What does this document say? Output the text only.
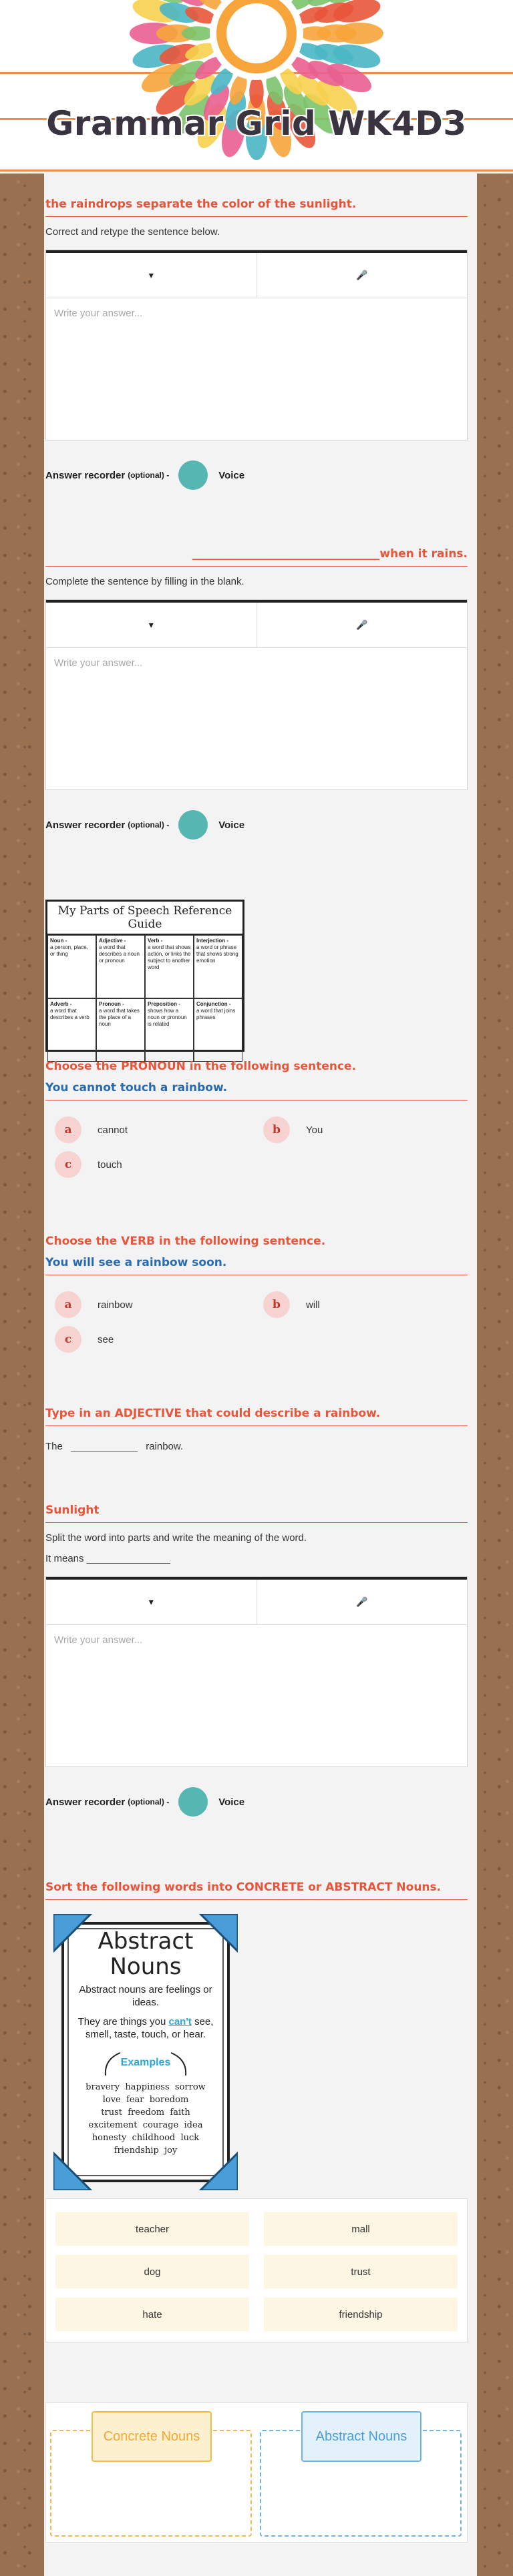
Grammar Grid WK4D3
the raindrops separate the color of the sunlight.
Correct and retype the sentence below.
▾	🎤
Write your answer...
Answer recorder (optional) -	Voice
_________________________________when it rains.
Complete the sentence by filling in the blank.
▾	🎤
Write your answer...
Answer recorder (optional) -	Voice
My Parts of Speech Reference Guide
Noun -
a person, place, or thing
Adjective -
a word that describes a noun or pronoun
Verb -
a word that shows action, or links the subject to another word
Interjection -
a word or phrase that shows strong emotion
Adverb -
a word that describes a verb
Pronoun -
a word that takes the place of a noun
Preposition -
shows how a noun or pronoun is related
Conjunction -
a word that joins phrases
Choose the PRONOUN in the following sentence.
You cannot touch a rainbow.
a	cannot	b	You
c	touch
Choose the VERB in the following sentence.
You will see a rainbow soon.
a	rainbow	b	will
c	see
Type in an ADJECTIVE that could describe a rainbow.
The	rainbow.
Sunlight
Split the word into parts and write the meaning of the word.
It means _______________
▾	🎤
Write your answer...
Answer recorder (optional) -	Voice
Sort the following words into CONCRETE or ABSTRACT Nouns.
Abstract Nouns
Abstract nouns are feelings or ideas.
They are things you can't see, smell, taste, touch, or hear.
Examples
bravery  happiness  sorrow
love  fear  boredom
trust  freedom  faith
excitement  courage  idea
honesty  childhood  luck
friendship  joy
teacher	mall
dog	trust
hate	friendship
Concrete Nouns	Abstract Nouns
